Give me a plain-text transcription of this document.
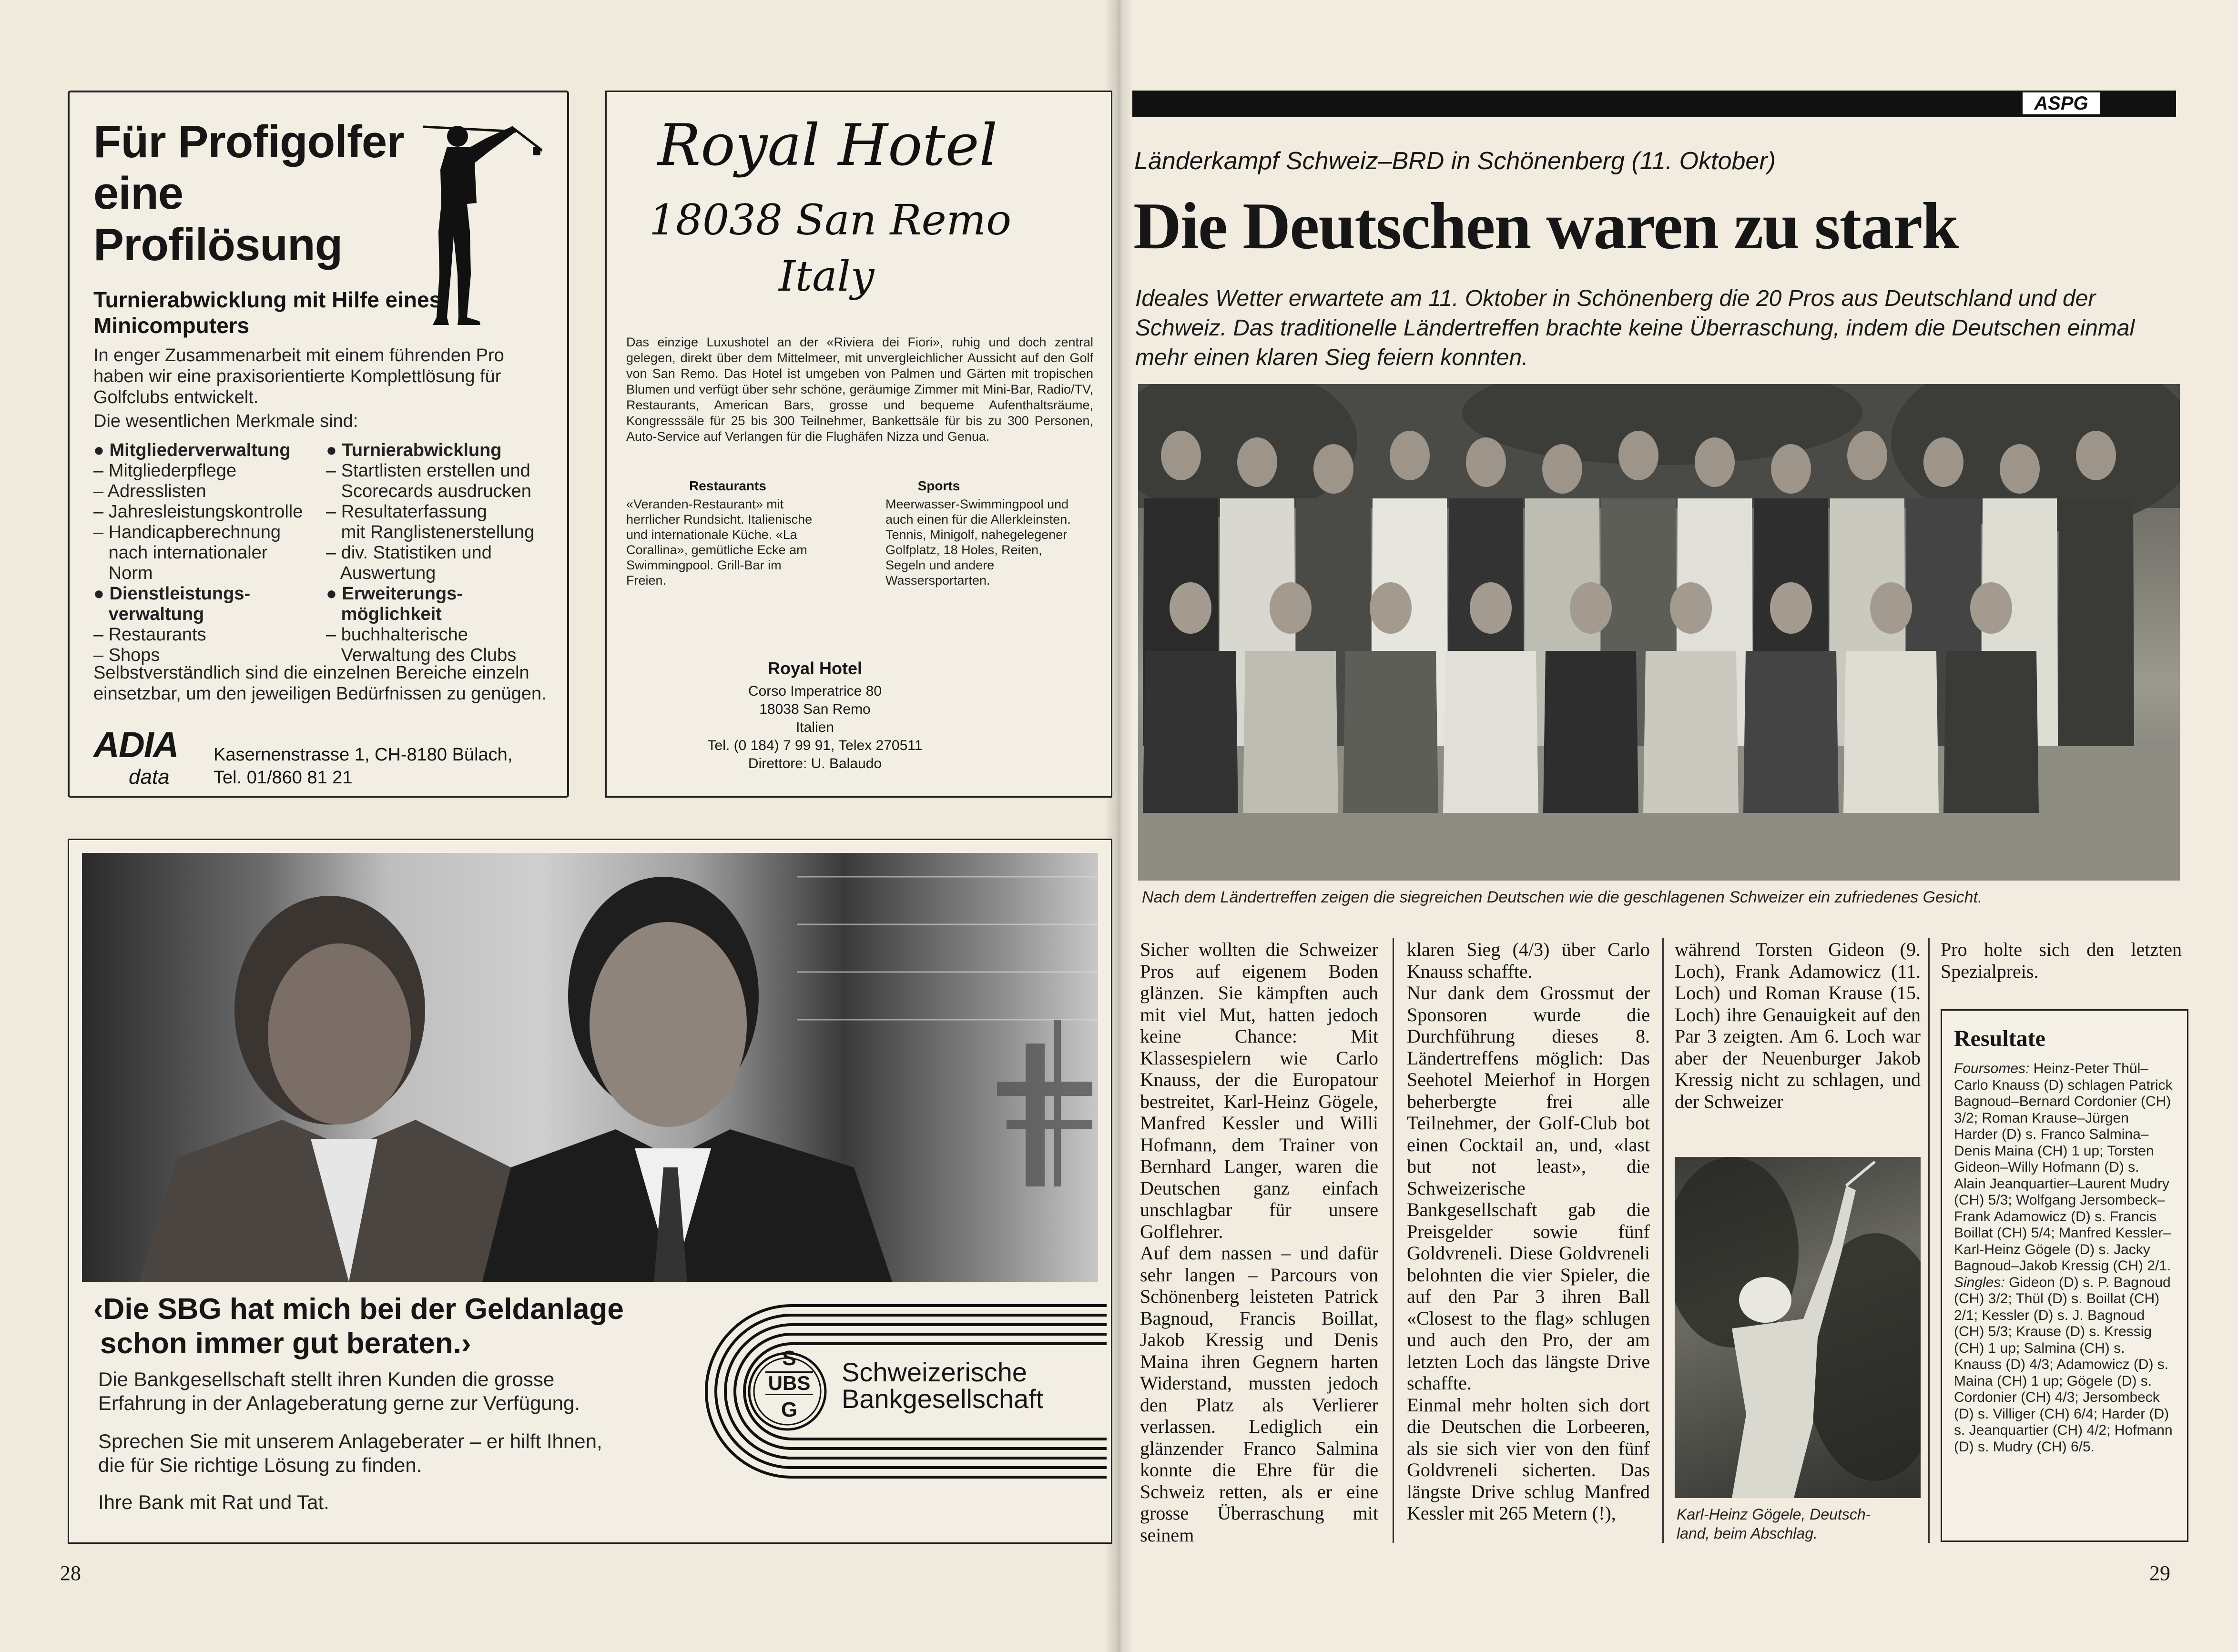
Für Profigolfer
eine
Profilösung
Turnierabwicklung mit Hilfe eines
Minicomputers
In enger Zusammenarbeit mit einem führenden Pro
haben wir eine praxisorientierte Komplettlösung für
Golfclubs entwickelt.
Die wesentlichen Merkmale sind:
● Mitgliederverwaltung
– Mitgliederpflege
– Adresslisten
– Jahresleistungskontrolle
– Handicapberechnung
nach internationaler
Norm
● Dienstleistungs-
verwaltung
– Restaurants
– Shops
● Turnierabwicklung
– Startlisten erstellen und
Scorecards ausdrucken
– Resultaterfassung
mit Ranglistenerstellung
– div. Statistiken und
Auswertung
● Erweiterungs-
möglichkeit
– buchhalterische
Verwaltung des Clubs
Selbstverständlich sind die einzelnen Bereiche einzeln
einsetzbar, um den jeweiligen Bedürfnissen zu genügen.
ADIA
data
Kasernenstrasse 1, CH-8180 Bülach,
Tel. 01/860 81 21
Royal Hotel
18038 San Remo
Italy
Das einzige Luxushotel an der «Riviera dei Fiori», ruhig und doch zentral gelegen, direkt über dem Mittelmeer, mit unvergleichlicher Aussicht auf den Golf von San Remo. Das Hotel ist umgeben von Palmen und Gärten mit tropischen Blumen und verfügt über sehr schöne, geräumige Zimmer mit Mini-Bar, Radio/TV, Restaurants, American Bars, grosse und bequeme Aufenthaltsräume, Kongresssäle für 25 bis 300 Teilnehmer, Bankettsäle für bis zu 300 Personen, Auto-Service auf Verlangen für die Flughäfen Nizza und Genua.
Restaurants
«Veranden-Restaurant» mit herrlicher Rundsicht. Italienische und internationale Küche. «La Corallina», gemütliche Ecke am Swimmingpool. Grill-Bar im Freien.
Sports
Meerwasser-Swimmingpool und auch einen für die Allerkleinsten. Tennis, Minigolf, nahegelegener Golfplatz, 18 Holes, Reiten, Segeln und andere Wassersportarten.
Royal Hotel
Corso Imperatrice 80
18038 San Remo
Italien
Tel. (0 184) 7 99 91, Telex 270511
Direttore: U. Balaudo
‹Die SBG hat mich bei der Geldanlage
schon immer gut beraten.›
Die Bankgesellschaft stellt ihren Kunden die grosse
Erfahrung in der Anlageberatung gerne zur Verfügung.
Sprechen Sie mit unserem Anlageberater – er hilft Ihnen,
die für Sie richtige Lösung zu finden.
Ihre Bank mit Rat und Tat.
S
UBS
G
Schweizerische
Bankgesellschaft
28
ASPG
Länderkampf Schweiz–BRD in Schönenberg (11. Oktober)
Die Deutschen waren zu stark
Ideales Wetter erwartete am 11. Oktober in Schönenberg die 20 Pros aus Deutschland und der Schweiz. Das traditionelle Ländertreffen brachte keine Überraschung, indem die Deutschen einmal mehr einen klaren Sieg feiern konnten.
Nach dem Ländertreffen zeigen die siegreichen Deutschen wie die geschlagenen Schweizer ein zufriedenes Gesicht.

Sicher wollten die Schweizer Pros auf eigenem Boden glänzen. Sie kämpften auch mit viel Mut, hatten jedoch keine Chance: Mit Klassespielern wie Carlo Knauss, der die Europatour bestreitet, Karl-Heinz Gögele, Manfred Kessler und Willi Hofmann, dem Trainer von Bernhard Langer, waren die Deutschen ganz einfach unschlagbar für unsere Golflehrer.

Auf dem nassen – und dafür sehr langen – Parcours von Schönenberg leisteten Patrick Bagnoud, Francis Boillat, Jakob Kressig und Denis Maina ihren Gegnern harten Widerstand, mussten jedoch den Platz als Verlierer verlassen. Lediglich ein glänzender Franco Salmina konnte die Ehre für die Schweiz retten, als er eine grosse Überraschung mit seinem

klaren Sieg (4/3) über Carlo Knauss schaffte.

Nur dank dem Grossmut der Sponsoren wurde die Durchführung dieses 8. Ländertreffens möglich: Das Seehotel Meierhof in Horgen beherbergte frei alle Teilnehmer, der Golf-Club bot einen Cocktail an, und, «last but not least», die Schweizerische Bankgesellschaft gab die Preisgelder sowie fünf Goldvreneli. Diese Goldvreneli belohnten die vier Spieler, die auf den Par 3 ihren Ball «Closest to the flag» schlugen und auch den Pro, der am letzten Loch das längste Drive schaffte.

Einmal mehr holten sich dort die Deutschen die Lorbeeren, als sie sich vier von den fünf Goldvreneli sicherten. Das längste Drive schlug Manfred Kessler mit 265 Metern (!),

während Torsten Gideon (9. Loch), Frank Adamowicz (11. Loch) und Roman Krause (15. Loch) ihre Genauigkeit auf den Par 3 zeigten. Am 6. Loch war aber der Neuenburger Jakob Kressig nicht zu schlagen, und der Schweizer
Pro holte sich den letzten Spezialpreis.
Karl-Heinz Gögele, Deutsch-
land, beim Abschlag.
Resultate
Foursomes: Heinz-Peter Thül–Carlo Knauss (D) schlagen Patrick Bagnoud–Bernard Cordonier (CH) 3/2; Roman Krause–Jürgen Harder (D) s. Franco Salmina–Denis Maina (CH) 1 up; Torsten Gideon–Willy Hofmann (D) s. Alain Jeanquartier–Laurent Mudry (CH) 5/3; Wolfgang Jersombeck–Frank Adamowicz (D) s. Francis Boillat (CH) 5/4; Manfred Kessler–Karl-Heinz Gögele (D) s. Jacky Bagnoud–Jakob Kressig (CH) 2/1.
Singles: Gideon (D) s. P. Bagnoud (CH) 3/2; Thül (D) s. Boillat (CH) 2/1; Kessler (D) s. J. Bagnoud (CH) 5/3; Krause (D) s. Kressig (CH) 1 up; Salmina (CH) s. Knauss (D) 4/3; Adamowicz (D) s. Maina (CH) 1 up; Gögele (D) s. Cordonier (CH) 4/3; Jersombeck (D) s. Villiger (CH) 6/4; Harder (D) s. Jeanquartier (CH) 4/2; Hofmann (D) s. Mudry (CH) 6/5.
29
